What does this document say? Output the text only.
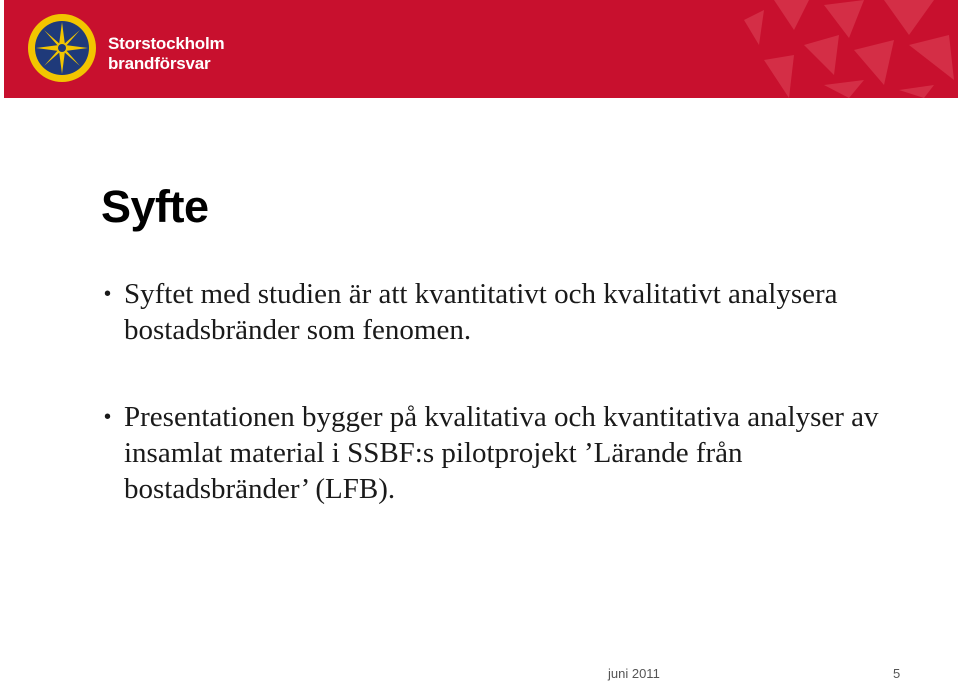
Storstockholm
brandförsvar
Syfte
• Syftet med studien är att kvantitativt och kvalitativt analysera bostadsbränder som fenomen.
• Presentationen bygger på kvalitativa och kvantitativa analyser av insamlat material i SSBF:s pilotprojekt ’Lärande från bostadsbränder’ (LFB).
juni 2011	5
